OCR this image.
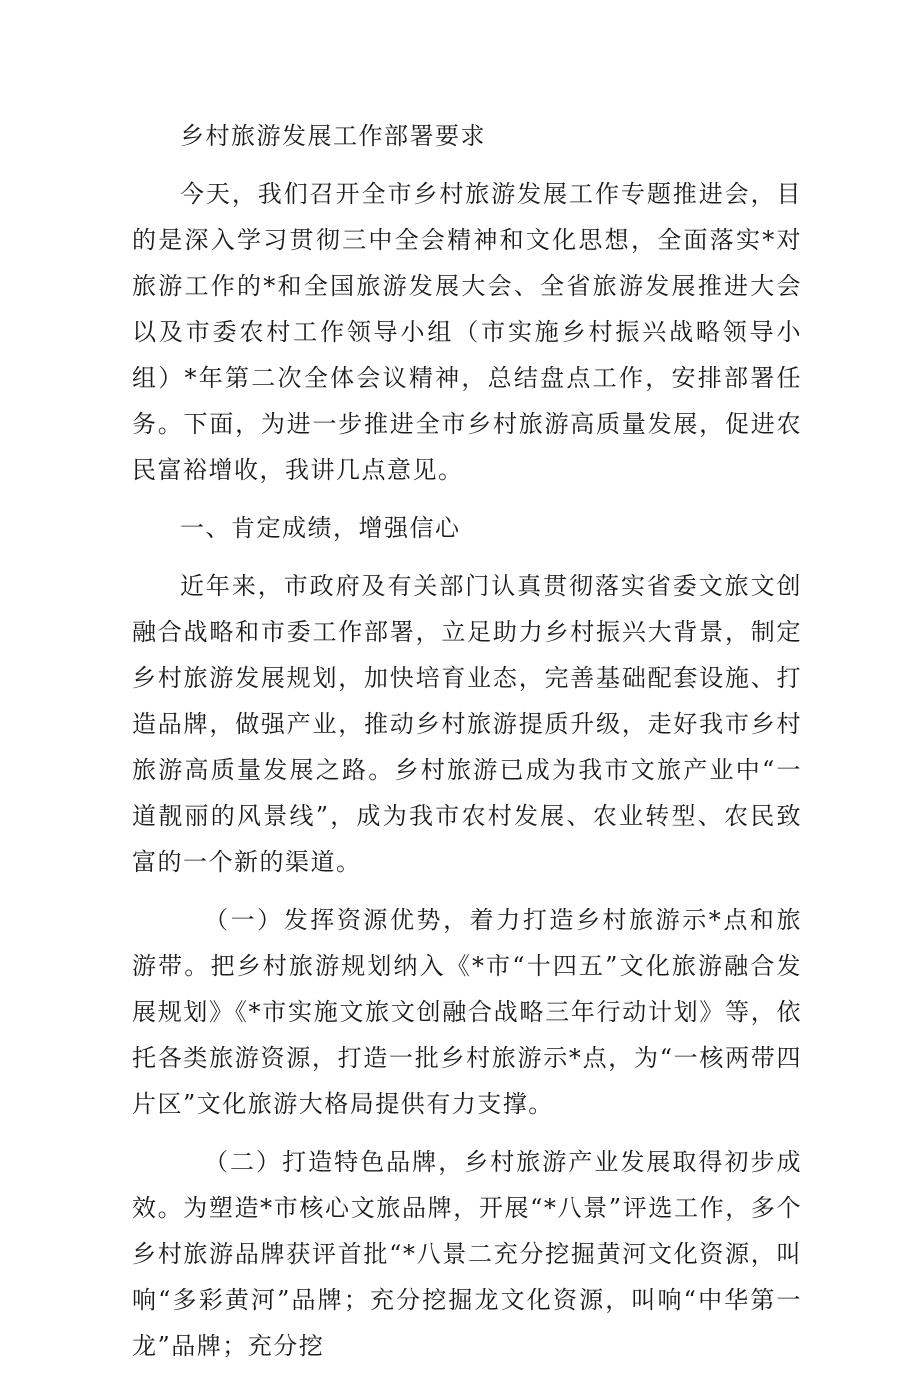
乡村旅游发展工作部署要求

今天，我们召开全市乡村旅游发展工作专题推进会，目的是深入学习贯彻三中全会精神和文化思想，全面落实*对旅游工作的*和全国旅游发展大会、全省旅游发展推进大会以及市委农村工作领导小组（市实施乡村振兴战略领导小组）*年第二次全体会议精神，总结盘点工作，安排部署任务。下面，为进一步推进全市乡村旅游高质量发展，促进农民富裕增收，我讲几点意见。

一、肯定成绩，增强信心

近年来，市政府及有关部门认真贯彻落实省委文旅文创融合战略和市委工作部署，立足助力乡村振兴大背景，制定乡村旅游发展规划，加快培育业态，完善基础配套设施、打造品牌，做强产业，推动乡村旅游提质升级，走好我市乡村旅游高质量发展之路。乡村旅游已成为我市文旅产业中“一道靓丽的风景线”，成为我市农村发展、农业转型、农民致富的一个新的渠道。

（一）发挥资源优势，着力打造乡村旅游示*点和旅游带。把乡村旅游规划纳入《*市“十四五”文化旅游融合发展规划》《*市实施文旅文创融合战略三年行动计划》等，依托各类旅游资源，打造一批乡村旅游示*点，为“一核两带四片区”文化旅游大格局提供有力支撑。

（二）打造特色品牌，乡村旅游产业发展取得初步成效。为塑造*市核心文旅品牌，开展“*八景”评选工作，多个乡村旅游品牌获评首批“*八景二充分挖掘黄河文化资源，叫响“多彩黄河”品牌；充分挖掘龙文化资源，叫响“中华第一龙”品牌；充分挖
